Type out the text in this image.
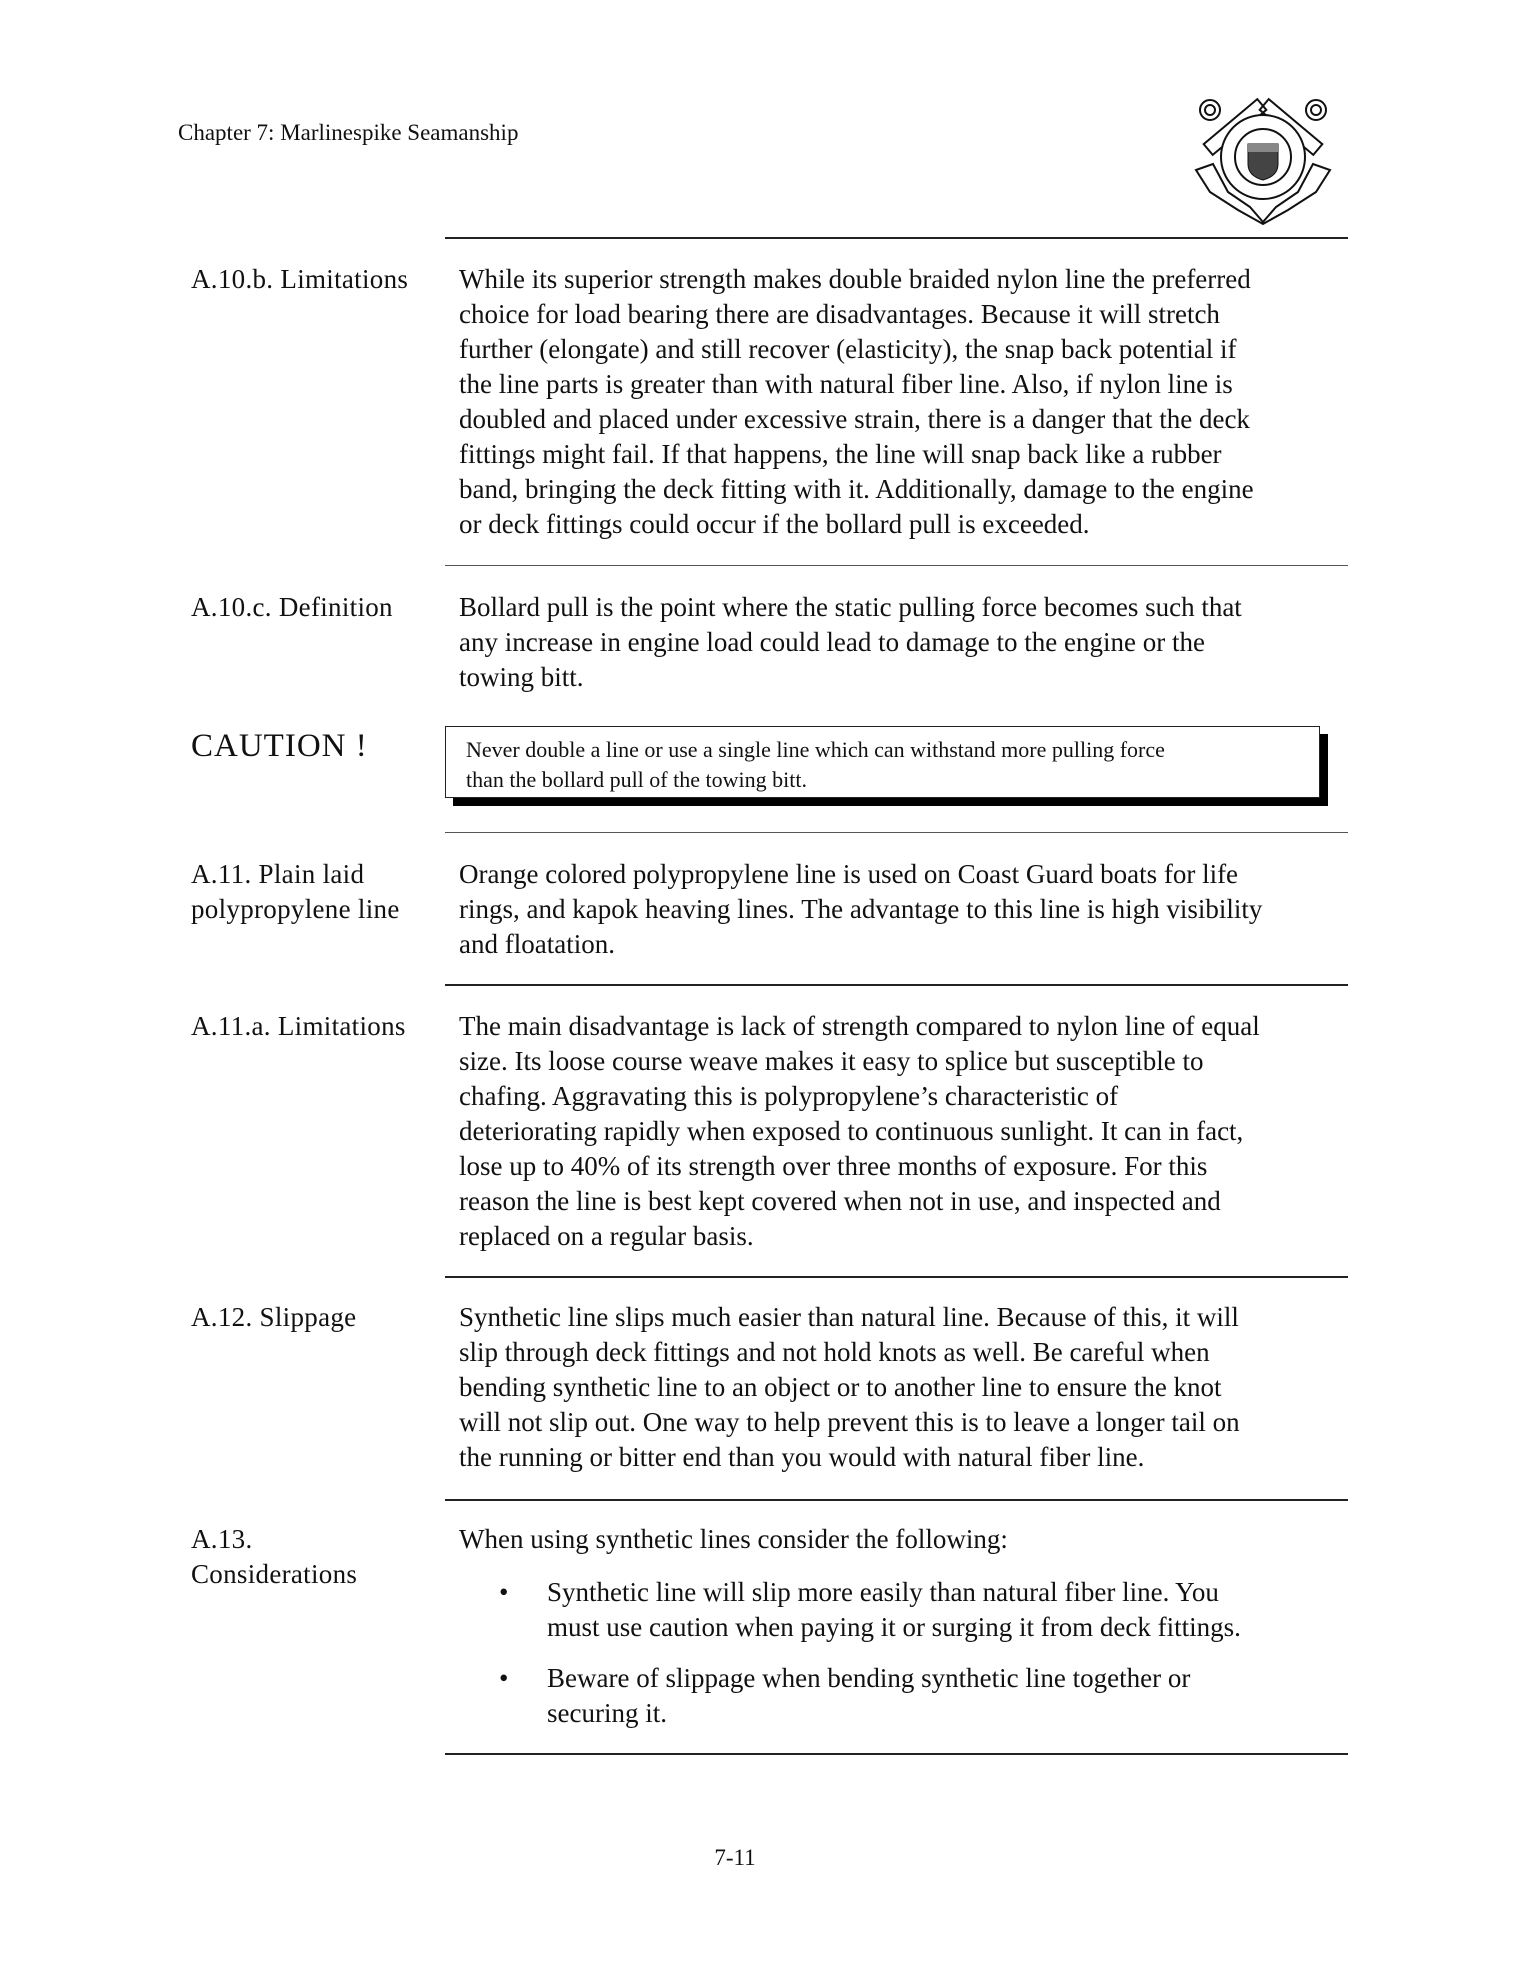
Chapter 7: Marlinespike Seamanship
A.10.b. Limitations While its superior strength makes double braided nylon line the preferred
choice for load bearing there are disadvantages. Because it will stretch
further (elongate) and still recover (elasticity), the snap back potential if
the line parts is greater than with natural fiber line. Also, if nylon line is
doubled and placed under excessive strain, there is a danger that the deck
fittings might fail. If that happens, the line will snap back like a rubber
band, bringing the deck fitting with it. Additionally, damage to the engine
or deck fittings could occur if the bollard pull is exceeded.
A.10.c. Definition Bollard pull is the point where the static pulling force becomes such that
any increase in engine load could lead to damage to the engine or the
towing bitt.
CAUTION !	Never double a line or use a single line which can withstand more pulling force
than the bollard pull of the towing bitt.
A.11. Plain laid
polypropylene line
Orange colored polypropylene line is used on Coast Guard boats for life
rings, and kapok heaving lines. The advantage to this line is high visibility
and floatation.
A.11.a. Limitations The main disadvantage is lack of strength compared to nylon line of equal
size. Its loose course weave makes it easy to splice but susceptible to
chafing. Aggravating this is polypropylene’s characteristic of
deteriorating rapidly when exposed to continuous sunlight. It can in fact,
lose up to 40% of its strength over three months of exposure. For this
reason the line is best kept covered when not in use, and inspected and
replaced on a regular basis.
A.12. Slippage	Synthetic line slips much easier than natural line. Because of this, it will
slip through deck fittings and not hold knots as well. Be careful when
bending synthetic line to an object or to another line to ensure the knot
will not slip out. One way to help prevent this is to leave a longer tail on
the running or bitter end than you would with natural fiber line.
A.13.
Considerations
When using synthetic lines consider the following:
• Synthetic line will slip more easily than natural fiber line. You
must use caution when paying it or surging it from deck fittings.
• Beware of slippage when bending synthetic line together or
securing it.
7-11
